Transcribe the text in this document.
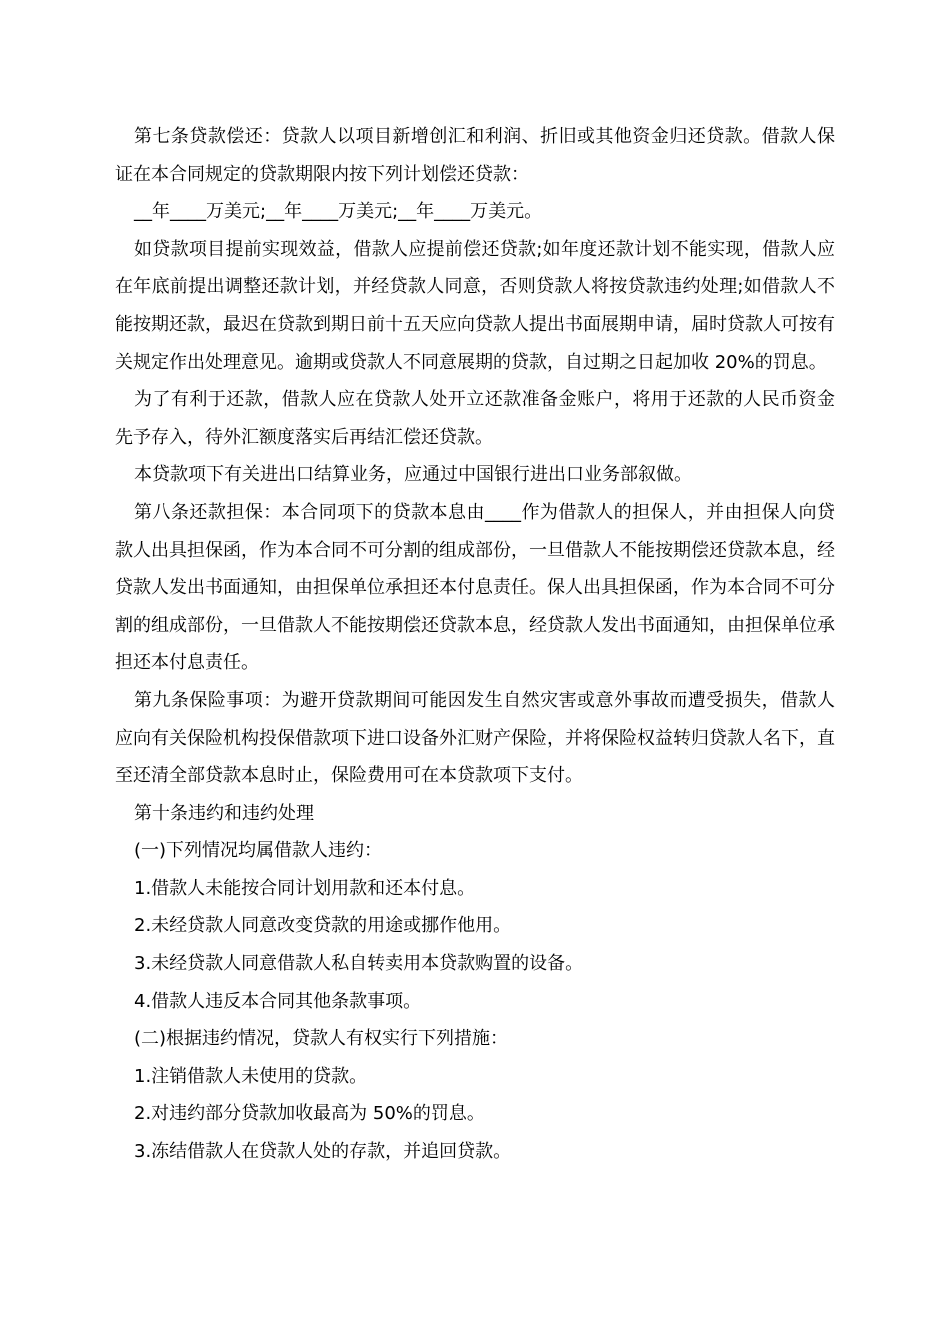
第七条贷款偿还：贷款人以项目新增创汇和利润、折旧或其他资金归还贷款。借款人保证在本合同规定的贷款期限内按下列计划偿还贷款：

__年____万美元;__年____万美元;__年____万美元。

如贷款项目提前实现效益，借款人应提前偿还贷款;如年度还款计划不能实现，借款人应在年底前提出调整还款计划，并经贷款人同意，否则贷款人将按贷款违约处理;如借款人不能按期还款，最迟在贷款到期日前十五天应向贷款人提出书面展期申请，届时贷款人可按有关规定作出处理意见。逾期或贷款人不同意展期的贷款，自过期之日起加收 20%的罚息。

为了有利于还款，借款人应在贷款人处开立还款准备金账户，将用于还款的人民币资金先予存入，待外汇额度落实后再结汇偿还贷款。

本贷款项下有关进出口结算业务，应通过中国银行进出口业务部叙做。

第八条还款担保：本合同项下的贷款本息由____作为借款人的担保人，并由担保人向贷款人出具担保函，作为本合同不可分割的组成部份，一旦借款人不能按期偿还贷款本息，经贷款人发出书面通知，由担保单位承担还本付息责任。保人出具担保函，作为本合同不可分割的组成部份，一旦借款人不能按期偿还贷款本息，经贷款人发出书面通知，由担保单位承担还本付息责任。

第九条保险事项：为避开贷款期间可能因发生自然灾害或意外事故而遭受损失，借款人应向有关保险机构投保借款项下进口设备外汇财产保险，并将保险权益转归贷款人名下，直至还清全部贷款本息时止，保险费用可在本贷款项下支付。

第十条违约和违约处理

(一)下列情况均属借款人违约：

1.借款人未能按合同计划用款和还本付息。

2.未经贷款人同意改变贷款的用途或挪作他用。

3.未经贷款人同意借款人私自转卖用本贷款购置的设备。

4.借款人违反本合同其他条款事项。

(二)根据违约情况，贷款人有权实行下列措施：

1.注销借款人未使用的贷款。

2.对违约部分贷款加收最高为 50%的罚息。

3.冻结借款人在贷款人处的存款，并追回贷款。
